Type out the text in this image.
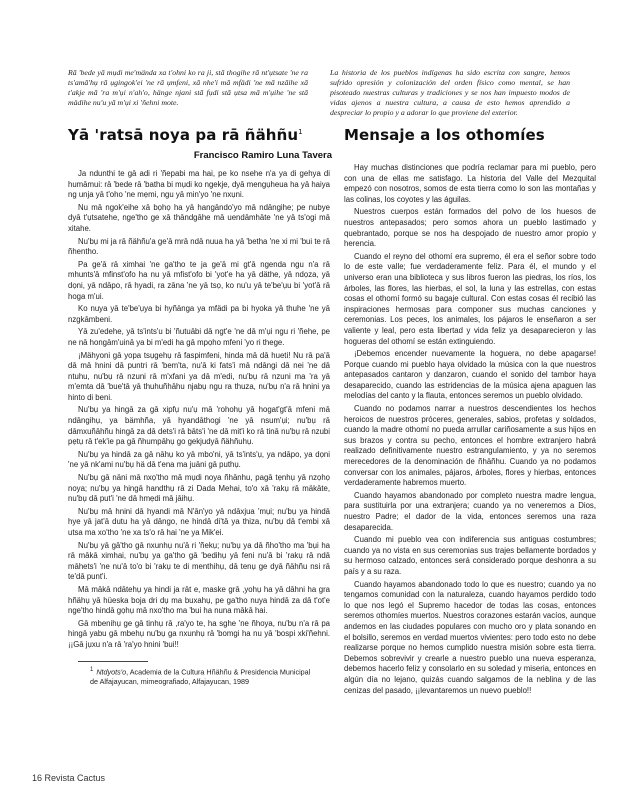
Rā 'bede yā mụdi me'mända xa t'ohni ko ra ji, stā thogihe rā nt'ụtsate 'ne ra ts'amā'hụ rā ụgingok'ei 'ne rā ụmfeni, xā nhe'i mā mfädi 'ne mā nzāihe xā t'akje mā 'ra m'ụi n'ah'o, hänge njani stā fụdi stā ụtsa mā m'ụihe 'ne stā mädihe nu'u yā m'ụi xi 'ñehni mote.
La historia de los pueblos indígenas ha sido escrita con sangre, hemos sufrido opresión y colonización del orden físico como mental, se han pisoteado nuestras culturas y tradiciones y se nos han impuesto modos de vidas ajenos a nuestra cultura, a causa de esto hemos aprendido a despreciar lo propio y a adorar lo que proviene del exterior.
Yā 'ratsā noya pa rā ñähñu$^1$	Mensaje a los othomíes
Francisco Ramiro Luna Tavera

Ja ndunthi te gā adi ri 'ñepabi ma hai, pe ko nsehe n'a ya di gehya di humāmui: rā 'bede rā 'batha bi mụdi ko ngekje, dyā mengụheua ha yā haiya ng unja yā t'oho 'ne mẹmi, ngu yā min'yo 'ne nxụni.

Nu mā ngok'eihe xā bọhọ ha yā hangāndo'yo mā ndāngihe; pe nubye dyā t'ụtsatehe, nge'tho ge xā thāndgāhe mā uendāmhäte 'ne yā ts'ogi mā xitahe.

Nu'bụ mi ja rā ñähñu'a ge'ā mrā ndā nuua ha yā 'betha 'ne xi mi 'bui te rā ñhentho.

Pa ge'ā rā ximhai 'ne ga'tho te ja ge'ā mi gt'ā ngenda ngu n'a rā mhunts'ā mfinst'ofo ha nu yā mfist'ofo bi 'yot'e ha yā däthe, yā ndọza, yā dọni, yā ndāpo, rā hyadi, ra zāna 'ne yā tsọ, ko nu'u yā te'be'ụu bi 'yot'ā rā hoga m'ui.

Ko nuya yā te'be'ụya bi hyñänga ya mfädi pa bi hyoka yā thuhe 'ne yā nzgkāmbeni.

Yā zu'edehe, yā ts'ints'u bi 'ñutuābi dā ngt'e 'ne dā m'ụi ngu ri 'ñehe, pe ne nā hongām'uinā ya bi m'edi ha gā mpọho mfeni 'yo ri thege.

¡Mähyoni gā yopa tsụgehụ rā faspimfeni, hinda mā dā hueti! Nu rā pa'ā dā mā hnini dā puntri rā 'bem'ta, nu'ā ki fats'i mā ndāngi dā nei 'ne dā ntuhu, nu'bụ rā nzuni rā m'xfani ya dā m'edi, nu'bụ rā nzuni ma 'ra yā m'emta dā 'bue'tā yā thuhuñhāhu njabụ ngu ra thuza, nu'bụ n'a rā hnini ya hinto di beni.

Nu'bụ ya hingā za gā xipfụ nu'ụ mā 'rohohụ yā hogat'gt'ā mfeni mā ndāngihụ, ya bämhña, yā hyandāthogi 'ne yā nsum'ụi; nu'bụ rā dāmxuñāhñu hingā za dā dets'i rā bāts'i 'ne dā mit'i ko rā tinā nu'bụ rā nzubi pẹtụ rā t'ek'ie pa gā ñhumpāhụ go gekjudyā ñähñuhụ.

Nu'bụ ya hindā za gā nāhụ ko yā mbo'ni, yā ts'ints'ụ, ya ndāpo, ya dọni 'ne yā nk'ami nu'bụ hä dā t'ena ma juāni gā puthụ.

Nu'bụ gā näni mā nxọ'tho mā mụdi noya ñhānhu, pagā tẹnhụ yā nzọhọ noya; nu'bụ ya hingā handthụ rā zi Dada Mehai, to'o xā 'rakụ rā mäkāte, nu'bụ dā put'i 'ne dā hmẹdi mā jāihụ.

Nu'bụ mā hnini dā hyandi mā N'ān'yo yā ndāxjua 'mụi; nu'bụ ya hindā hye yā jat'ā dutu ha yā dāngo, ne hindā di'tā ya thiza, nu'bụ dā t'embi xā utsa ma xo'tho 'ne xa ts'o rā hai 'ne ya Mik'ei.

Nu'bụ yā gā'tho gā nxunhụ nu'ā ri 'ñekụ; nu'bụ ya dā ñho'tho ma 'bụi ha rā mākā ximhai, nu'bụ ya ga'tho gā 'bedihụ yā feni nu'ā bi 'rakụ rā ndā māhets'i 'ne nu'ā to'o bi 'rakụ te di menthihụ, dā tenụ ge dyā ñähñu nsi rā te'dā punt'i.

Mā mākā ndātehụ ya hindi ja rāt e, maske grā ,yohụ ha yā dāhni ha gra hñähụ yā hüeska boja dri dụ ma buxahụ, pe ga'tho nuya hindā za dā t'ot'e nge'tho hindā gọhụ mā nxo'tho ma 'bui ha nuna mākā hai.

Gā mbenihụ ge gā tinhụ rā ,ra'yo te, ha sghe 'ne ñhoya, nu'bụ n'a rā pa hingā yabu gā mbehụ nu'bụ ga nxunhụ rā 'bomgi ha nu yā 'bospi xki'ñehni. ¡¡Gā jụxu n'a rā 'ra'yo hnini 'bui!!

Hay muchas distinciones que podría reclamar para mi pueblo, pero con una de ellas me satisfago. La historia del Valle del Mezquital empezó con nosotros, somos de esta tierra como lo son las montañas y las colinas, los coyotes y las águilas.

Nuestros cuerpos están formados del polvo de los huesos de nuestros antepasados; pero somos ahora un pueblo lastimado y quebrantado, porque se nos ha despojado de nuestro amor propio y herencia.

Cuando el reyno del othomí era supremo, él era el señor sobre todo lo de este valle; fue verdaderamente feliz. Para él, el mundo y el universo eran una biblioteca y sus libros fueron las piedras, los ríos, los árboles, las flores, las hierbas, el sol, la luna y las estrellas, con estas cosas el othomí formó su bagaje cultural. Con estas cosas él recibió las inspiraciones hermosas para componer sus muchas canciones y ceremonias. Los peces, los animales, los pájaros le enseñaron a ser valiente y leal, pero esta libertad y vida feliz ya desaparecieron y las hogueras del othomí se están extinguiendo.

¡Debemos encender nuevamente la hoguera, no debe apagarse! Porque cuando mi pueblo haya olvidado la música con la que nuestros antepasados cantaron y danzaron, cuando el sonido del tambor haya desaparecido, cuando las estridencias de la música ajena apaguen las melodías del canto y la flauta, entonces seremos un pueblo olvidado.

Cuando no podamos narrar a nuestros descendientes los hechos heroicos de nuestros próceres, generales, sabios, profetas y soldados, cuando la madre othomí no pueda arrullar cariñosamente a sus hijos en sus brazos y contra su pecho, entonces el hombre extranjero habrá realizado definitivamente nuestro estrangulamiento, y ya no seremos merecedores de la denominación de ñhäñhu. Cuando ya no podamos conversar con los animales, pájaros, árboles, flores y hierbas, entonces verdaderamente habremos muerto.

Cuando hayamos abandonado por completo nuestra madre lengua, para sustituirla por una extranjera; cuando ya no veneremos a Dios, nuestro Padre; el dador de la vida, entonces seremos una raza desaparecida.

Cuando mi pueblo vea con indiferencia sus antiguas costumbres; cuando ya no vista en sus ceremonias sus trajes bellamente bordados y su hermoso calzado, entonces será considerado porque deshonra a su país y a su raza.

Cuando hayamos abandonado todo lo que es nuestro; cuando ya no tengamos comunidad con la naturaleza, cuando hayamos perdido todo lo que nos legó el Supremo hacedor de todas las cosas, entonces seremos othomíes muertos. Nuestros corazones estarán vacíos, aunque andemos en las ciudades populares con mucho oro y plata sonando en el bolsillo, seremos en verdad muertos vivientes: pero todo esto no debe realizarse porque no hemos cumplido nuestra misión sobre esta tierra. Debemos sobrevivir y crearle a nuestro pueblo una nueva esperanza, debemos hacerlo feliz y consolarlo en su soledad y miseria, entonces en algún día no lejano, quizás cuando salgamos de la neblina y de las cenizas del pasado, ¡¡levantaremos un nuevo pueblo!!

$^1$ Ntdyots'o, Academia de la Cultura Hñähñu & Presidencia Municipal de Alfajayucan, mimeografiado, Alfajayucan, 1989
16 Revista Cactus
